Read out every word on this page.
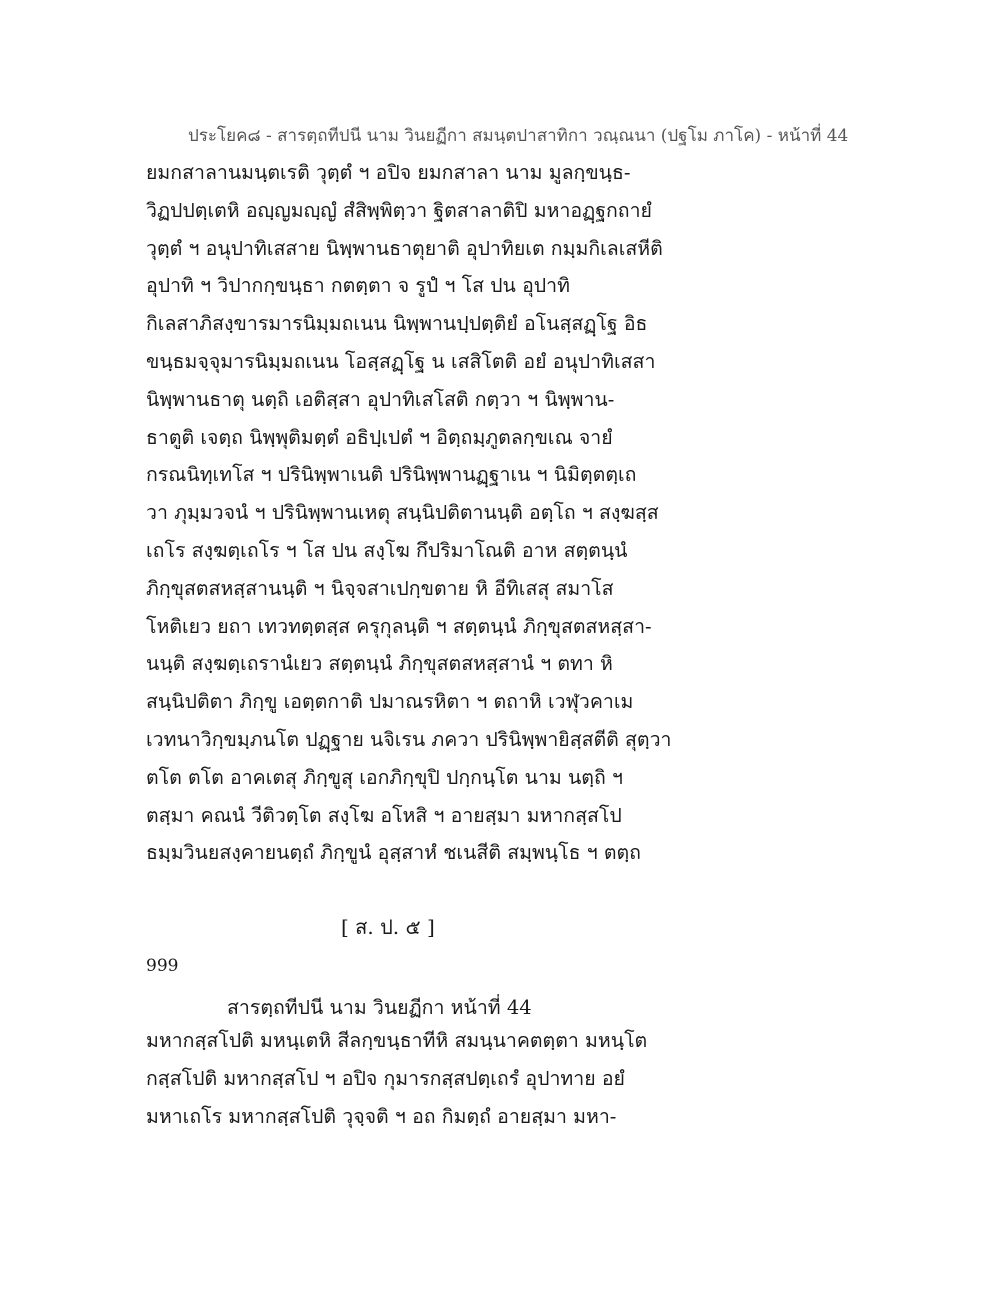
ประโยค๘ - สารตฺถทีปนี นาม วินยฏีกา สมนฺตปาสาทิกา วณฺณนา (ปฐโม ภาโค) - หน้าที่ 44
ยมกสาลานมนฺตเรติ วุตฺตํ ฯ อปิจ ยมกสาลา นาม มูลกฺขนฺธ-
วิฏปปตฺเตหิ อญฺญมญฺญํ สํสิพฺพิตฺวา ฐิตสาลาติปิ มหาอฏฺฐกถายํ
วุตฺตํ ฯ อนุปาทิเสสาย นิพฺพานธาตุยาติ อุปาทิยเต กมฺมกิเลเสหีติ
อุปาทิ ฯ วิปากกฺขนฺธา กตตฺตา จ รูปํ ฯ โส ปน อุปาทิ
กิเลสาภิสงฺขารมารนิมฺมถเนน นิพฺพานปฺปตฺติยํ อโนสฺสฏฺโฐ อิธ
ขนฺธมจฺจุมารนิมฺมถเนน โอสฺสฏฺโฐ น เสสิโตติ อยํ อนุปาทิเสสา
นิพฺพานธาตุ นตฺถิ เอติสฺสา อุปาทิเสโสติ กตฺวา ฯ นิพฺพาน-
ธาตูติ เจตฺถ นิพฺพุติมตฺตํ อธิปฺเปตํ ฯ อิตฺถมฺภูตลกฺขเณ จายํ
กรณนิทฺเทโส ฯ ปรินิพฺพาเนติ ปรินิพฺพานฏฺฐาเน ฯ นิมิตฺตตฺเถ
วา ภุมฺมวจนํ ฯ ปรินิพฺพานเหตุ สนฺนิปติตานนฺติ อตฺโถ ฯ สงฺฆสฺส
เถโร สงฺฆตฺเถโร ฯ โส ปน สงฺโฆ กึปริมาโณติ อาห สตฺตนฺนํ
ภิกฺขุสตสหสฺสานนฺติ ฯ นิจฺจสาเปกฺขตาย หิ อีทิเสสุ สมาโส
โหติเยว ยถา เทวทตฺตสฺส ครุกุลนฺติ ฯ สตฺตนฺนํ ภิกฺขุสตสหสฺสา-
นนฺติ สงฺฆตฺเถรานํเยว สตฺตนฺนํ ภิกฺขุสตสหสฺสานํ ฯ ตทา หิ
สนฺนิปติตา ภิกฺขู เอตฺตกาติ ปมาณรหิตา ฯ ตถาหิ เวฬุวคาเม
เวทนาวิกฺขมฺภนโต ปฏฺฐาย นจิเรน ภควา ปรินิพฺพายิสฺสตีติ สุตฺวา
ตโต ตโต อาคเตสุ ภิกฺขูสุ เอกภิกฺขุปิ ปกฺกนฺโต นาม นตฺถิ ฯ
ตสฺมา คณนํ วีติวตฺโต สงฺโฆ อโหสิ ฯ อายสฺมา มหากสฺสโป
ธมฺมวินยสงฺคายนตฺถํ ภิกฺขูนํ อุสฺสาหํ ชเนสีติ สมฺพนฺโธ ฯ ตตฺถ
[ ส. ป. ๕ ]
999
สารตฺถทีปนี นาม วินยฏีกา หน้าที่ 44
มหากสฺสโปติ มหนฺเตหิ สีลกฺขนฺธาทีหิ สมนฺนาคตตฺตา มหนฺโต
กสฺสโปติ มหากสฺสโป ฯ อปิจ กุมารกสฺสปตฺเถรํ อุปาทาย อยํ
มหาเถโร มหากสฺสโปติ วุจฺจติ ฯ อถ กิมตฺถํ อายสฺมา มหา-
